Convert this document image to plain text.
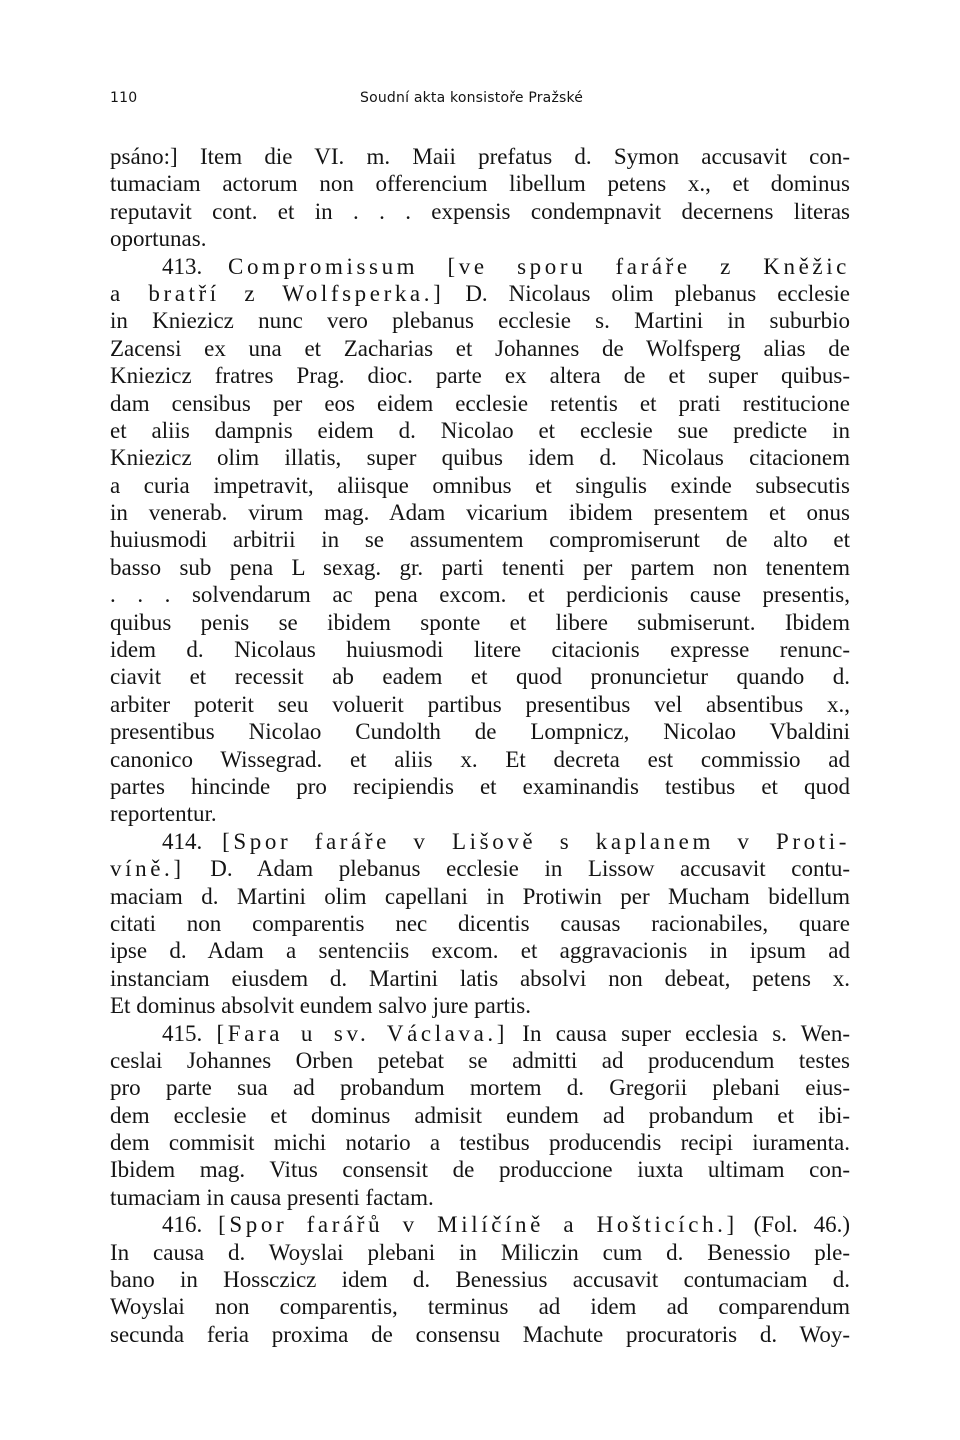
110	Soudní akta konsistoře Pražské
psáno:] Item die VI. m. Maii prefatus d. Symon accusavit con-
tumaciam actorum non offerencium libellum petens x., et dominus
reputavit cont. et in . . . expensis condempnavit decernens literas
oportunas.
413. Compromissum [ve sporu faráře z Kněžic
a bratří z Wolfsperka.] D. Nicolaus olim plebanus ecclesie
in Kniezicz nunc vero plebanus ecclesie s. Martini in suburbio
Zacensi ex una et Zacharias et Johannes de Wolfsperg alias de
Kniezicz fratres Prag. dioc. parte ex altera de et super quibus-
dam censibus per eos eidem ecclesie retentis et prati restitucione
et aliis dampnis eidem d. Nicolao et ecclesie sue predicte in
Kniezicz olim illatis, super quibus idem d. Nicolaus citacionem
a curia impetravit, aliisque omnibus et singulis exinde subsecutis
in venerab. virum mag. Adam vicarium ibidem presentem et onus
huiusmodi arbitrii in se assumentem compromiserunt de alto et
basso sub pena L sexag. gr. parti tenenti per partem non tenentem
. . . solvendarum ac pena excom. et perdicionis cause presentis,
quibus penis se ibidem sponte et libere submiserunt. Ibidem
idem d. Nicolaus huiusmodi litere citacionis expresse renunc-
ciavit et recessit ab eadem et quod pronuncietur quando d.
arbiter poterit seu voluerit partibus presentibus vel absentibus x.,
presentibus Nicolao Cundolth de Lompnicz, Nicolao Vbaldini
canonico Wissegrad. et aliis x. Et decreta est commissio ad
partes hincinde pro recipiendis et examinandis testibus et quod
reportentur.
414. [Spor faráře v Lišově s kaplanem v Proti-
víně.] D. Adam plebanus ecclesie in Lissow accusavit contu-
maciam d. Martini olim capellani in Protiwin per Mucham bidellum
citati non comparentis nec dicentis causas racionabiles, quare
ipse d. Adam a sentenciis excom. et aggravacionis in ipsum ad
instanciam eiusdem d. Martini latis absolvi non debeat, petens x.
Et dominus absolvit eundem salvo jure partis.
415. [Fara u sv. Václava.] In causa super ecclesia s. Wen-
ceslai Johannes Orben petebat se admitti ad producendum testes
pro parte sua ad probandum mortem d. Gregorii plebani eius-
dem ecclesie et dominus admisit eundem ad probandum et ibi-
dem commisit michi notario a testibus producendis recipi iuramenta.
Ibidem mag. Vitus consensit de produccione iuxta ultimam con-
tumaciam in causa presenti factam.
416. [Spor farářů v Milíčíně a Hošticích.] (Fol. 46.)
In causa d. Woyslai plebani in Miliczin cum d. Benessio ple-
bano in Hossczicz idem d. Benessius accusavit contumaciam d.
Woyslai non comparentis, terminus ad idem ad comparendum
secunda feria proxima de consensu Machute procuratoris d. Woy-
